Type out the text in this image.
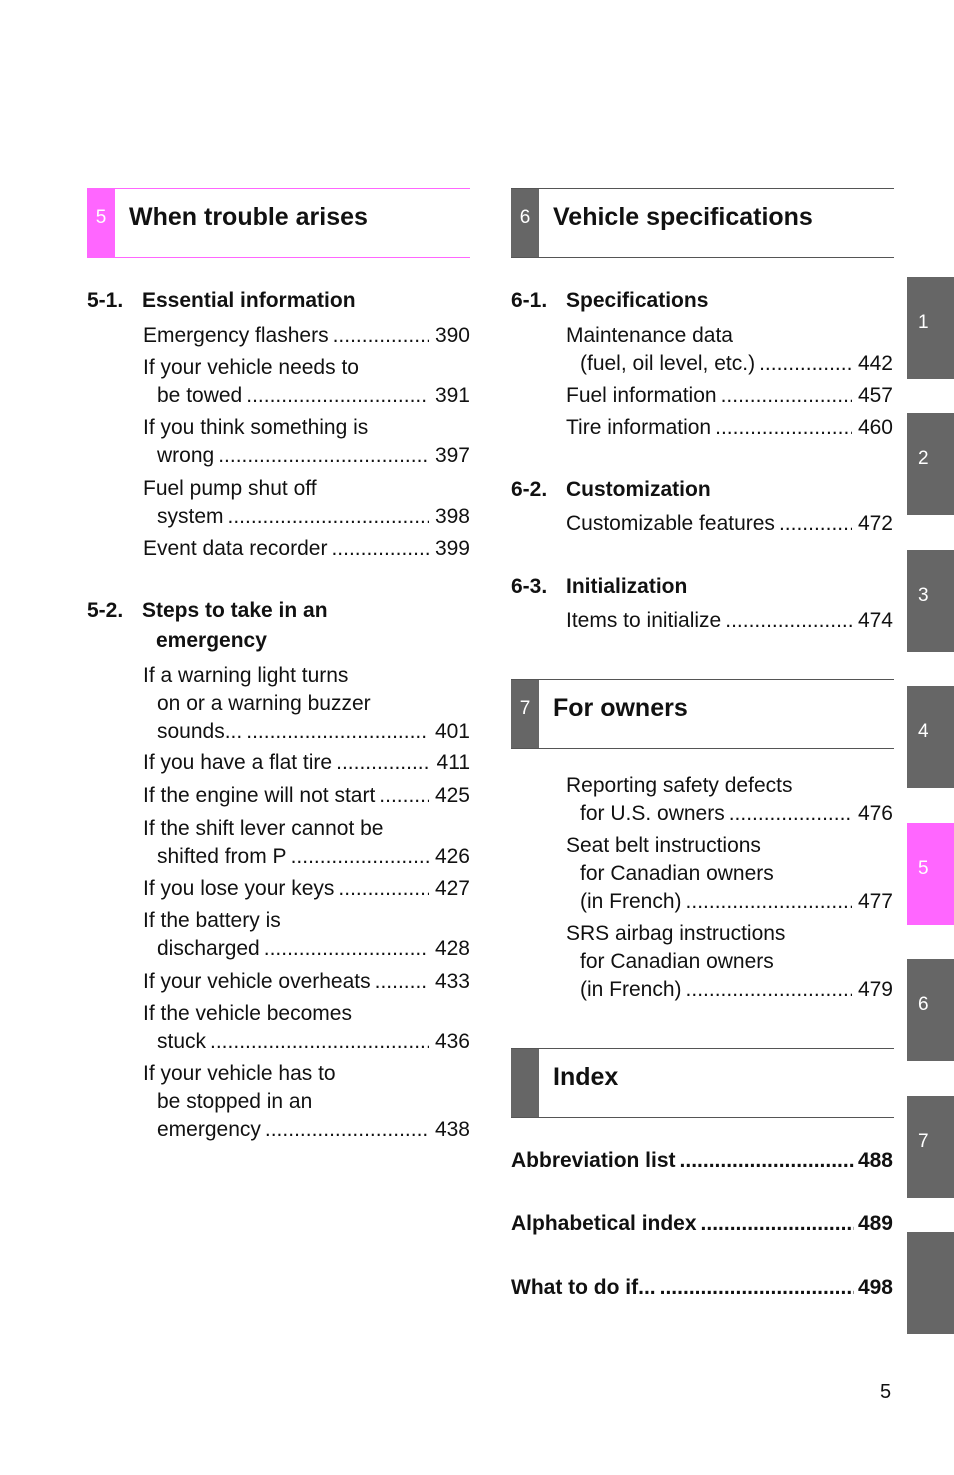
5 When trouble arises
5-1. Essential information
5-2. Steps to take in an
emergency
6 Vehicle specifications
6-1. Specifications
6-2. Customization
6-3. Initialization
7 For owners
Index
Abbreviation list .....	488
Alphabetical index .....	489
What to do if... .....	498
1
2
3
4
5
6
7
5
Emergency flashers .....	390
If your vehicle needs to
be towed .....	391
If you think something is
wrong .....	397
Fuel pump shut off
system .....	398
Event data recorder .....	399
If a warning light turns
on or a warning buzzer
sounds... .....	401
If you have a flat tire .....	411
If the engine will not start .....	425
If the shift lever cannot be
shifted from P .....	426
If you lose your keys .....	427
If the battery is
discharged .....	428
If your vehicle overheats .....	433
If the vehicle becomes
stuck .....	436
If your vehicle has to
be stopped in an
emergency .....	438
Maintenance data
(fuel, oil level, etc.) .....	442
Fuel information .....	457
Tire information .....	460
Customizable features .....	472
Items to initialize .....	474
Reporting safety defects
for U.S. owners .....	476
Seat belt instructions
for Canadian owners
(in French) .....	477
SRS airbag instructions
for Canadian owners
(in French) .....	479
